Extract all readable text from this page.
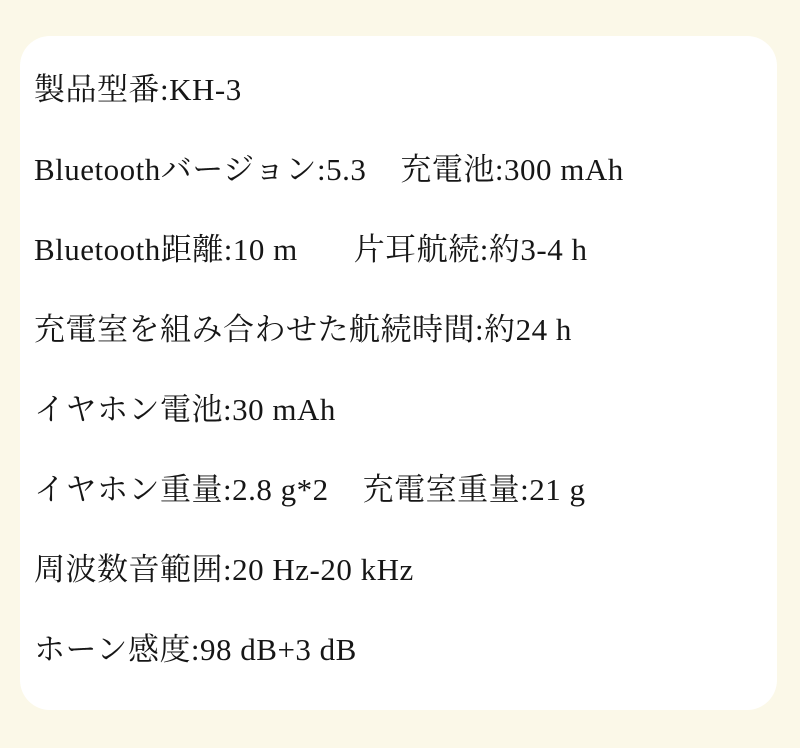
製品型番:KH-3
Bluetoothバージョン:5.3 充電池:300 mAh
Bluetooth距離:10 m 片耳航続:約3-4 h
充電室を組み合わせた航続時間:約24 h
イヤホン電池:30 mAh
イヤホン重量:2.8 g*2 充電室重量:21 g
周波数音範囲:20 Hz-20 kHz
ホーン感度:98 dB+3 dB
